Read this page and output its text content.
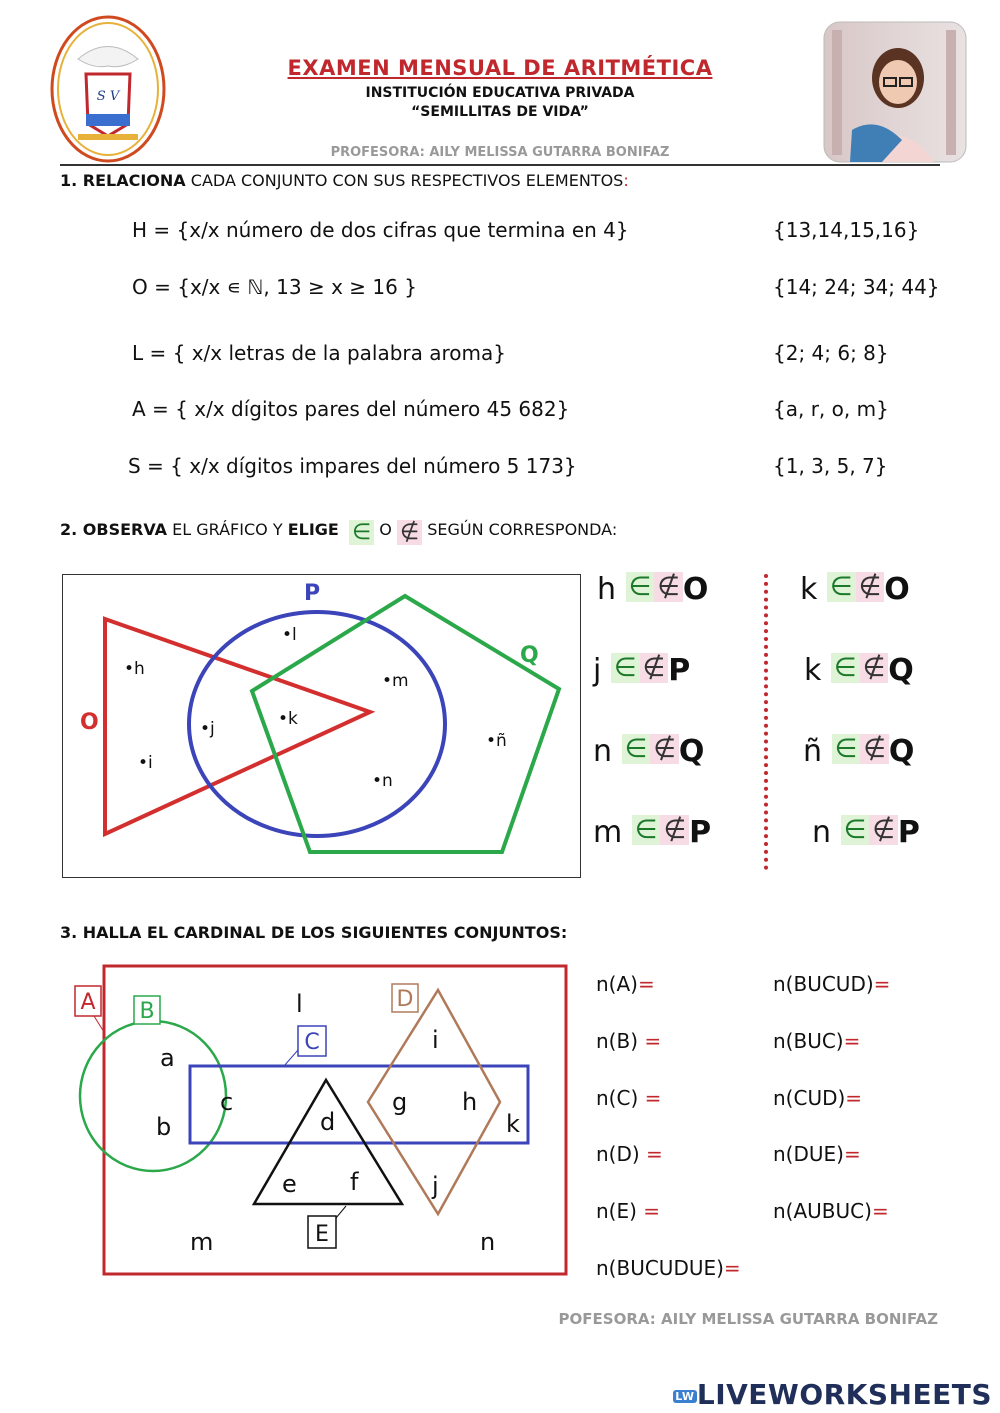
S V
EXAMEN MENSUAL DE ARITMÉTICA
INSTITUCIÓN EDUCATIVA PRIVADA
“SEMILLITAS DE VIDA”
PROFESORA: AILY MELISSA GUTARRA BONIFAZ
1. RELACIONA CADA CONJUNTO CON SUS RESPECTIVOS ELEMENTOS:
H = {x/x número de dos cifras que termina en 4}
O = {x/x ∊ ℕ, 13 ≥ x ≥ 16 }
L = { x/x letras de la palabra aroma}
A = { x/x dígitos pares del número 45 682}
S = { x/x dígitos impares del número 5 173}
{13,14,15,16}
{14; 24; 34; 44}
{2; 4; 6; 8}
{a, r, o, m}
{1, 3, 5, 7}
2. OBSERVA EL GRÁFICO Y ELIGE ∈ O ∉ SEGÚN CORRESPONDA:
O
P
Q
•h
•i
•l
•j	•k
•m
•n
•ñ
h ∈ ∉ O
j ∈ ∉ P
n ∈ ∉ Q
m ∈ ∉ P
k ∈ ∉ O
k ∈ ∉ Q
ñ ∈ ∉ Q
n ∈ ∉ P
3. HALLA EL CARDINAL DE LOS SIGUIENTES CONJUNTOS:
A B
C
D
E
a
b
c
d
e f
g h
i
j
k
l
m	n
n(A)=
n(B) =
n(C) =
n(D) =
n(E) =
n(BUCUDUE)=
n(BUCUD)=
n(BUC)=
n(CUD)=
n(DUE)=
n(AUBUC)=
POFESORA: AILY MELISSA GUTARRA BONIFAZ
LWLIVEWORKSHEETS
